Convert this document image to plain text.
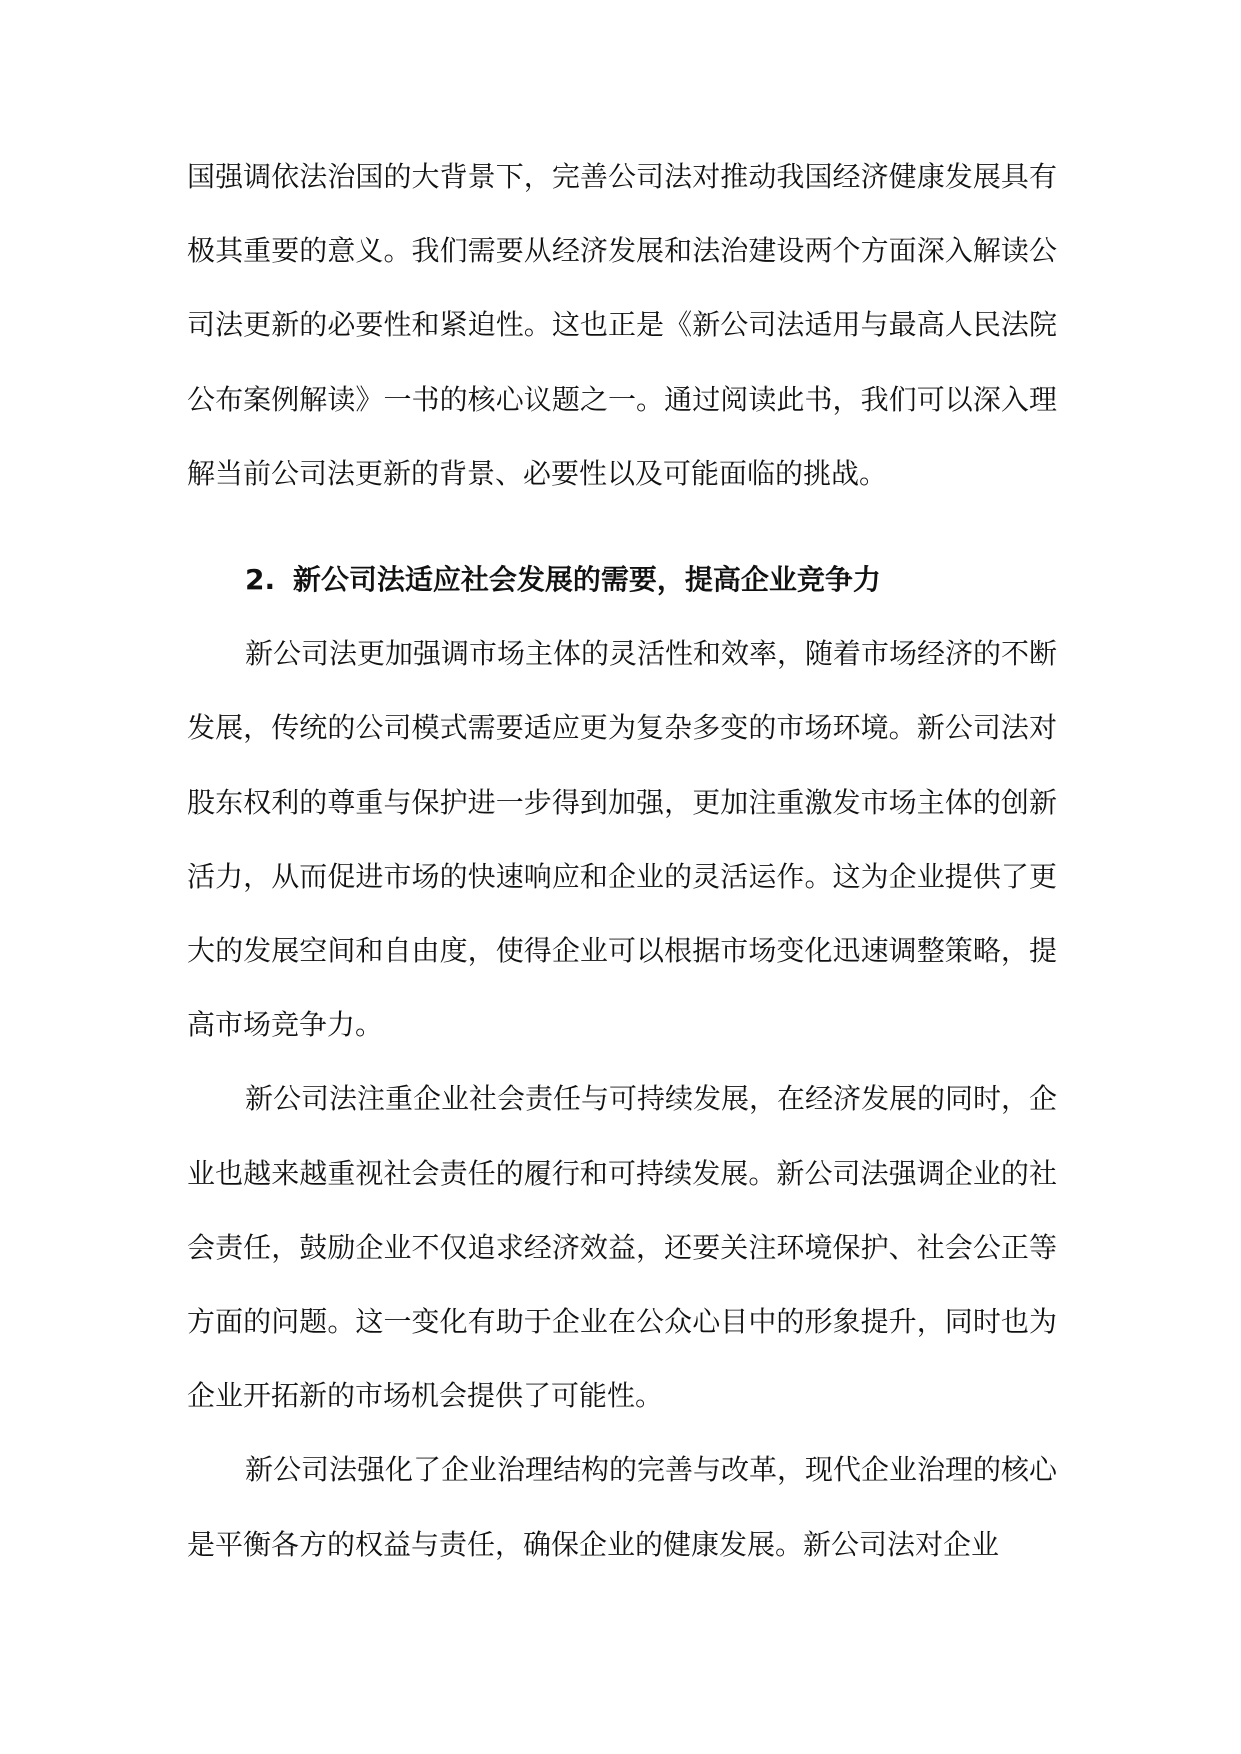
国强调依法治国的大背景下，完善公司法对推动我国经济健康发展具有极其重要的意义。我们需要从经济发展和法治建设两个方面深入解读公司法更新的必要性和紧迫性。这也正是《新公司法适用与最高人民法院公布案例解读》一书的核心议题之一。通过阅读此书，我们可以深入理解当前公司法更新的背景、必要性以及可能面临的挑战。

2. 新公司法适应社会发展的需要，提高企业竞争力

新公司法更加强调市场主体的灵活性和效率，随着市场经济的不断发展，传统的公司模式需要适应更为复杂多变的市场环境。新公司法对股东权利的尊重与保护进一步得到加强，更加注重激发市场主体的创新活力，从而促进市场的快速响应和企业的灵活运作。这为企业提供了更大的发展空间和自由度，使得企业可以根据市场变化迅速调整策略，提高市场竞争力。

新公司法注重企业社会责任与可持续发展，在经济发展的同时，企业也越来越重视社会责任的履行和可持续发展。新公司法强调企业的社会责任，鼓励企业不仅追求经济效益，还要关注环境保护、社会公正等方面的问题。这一变化有助于企业在公众心目中的形象提升，同时也为企业开拓新的市场机会提供了可能性。

新公司法强化了企业治理结构的完善与改革，现代企业治理的核心是平衡各方的权益与责任，确保企业的健康发展。新公司法对企业
